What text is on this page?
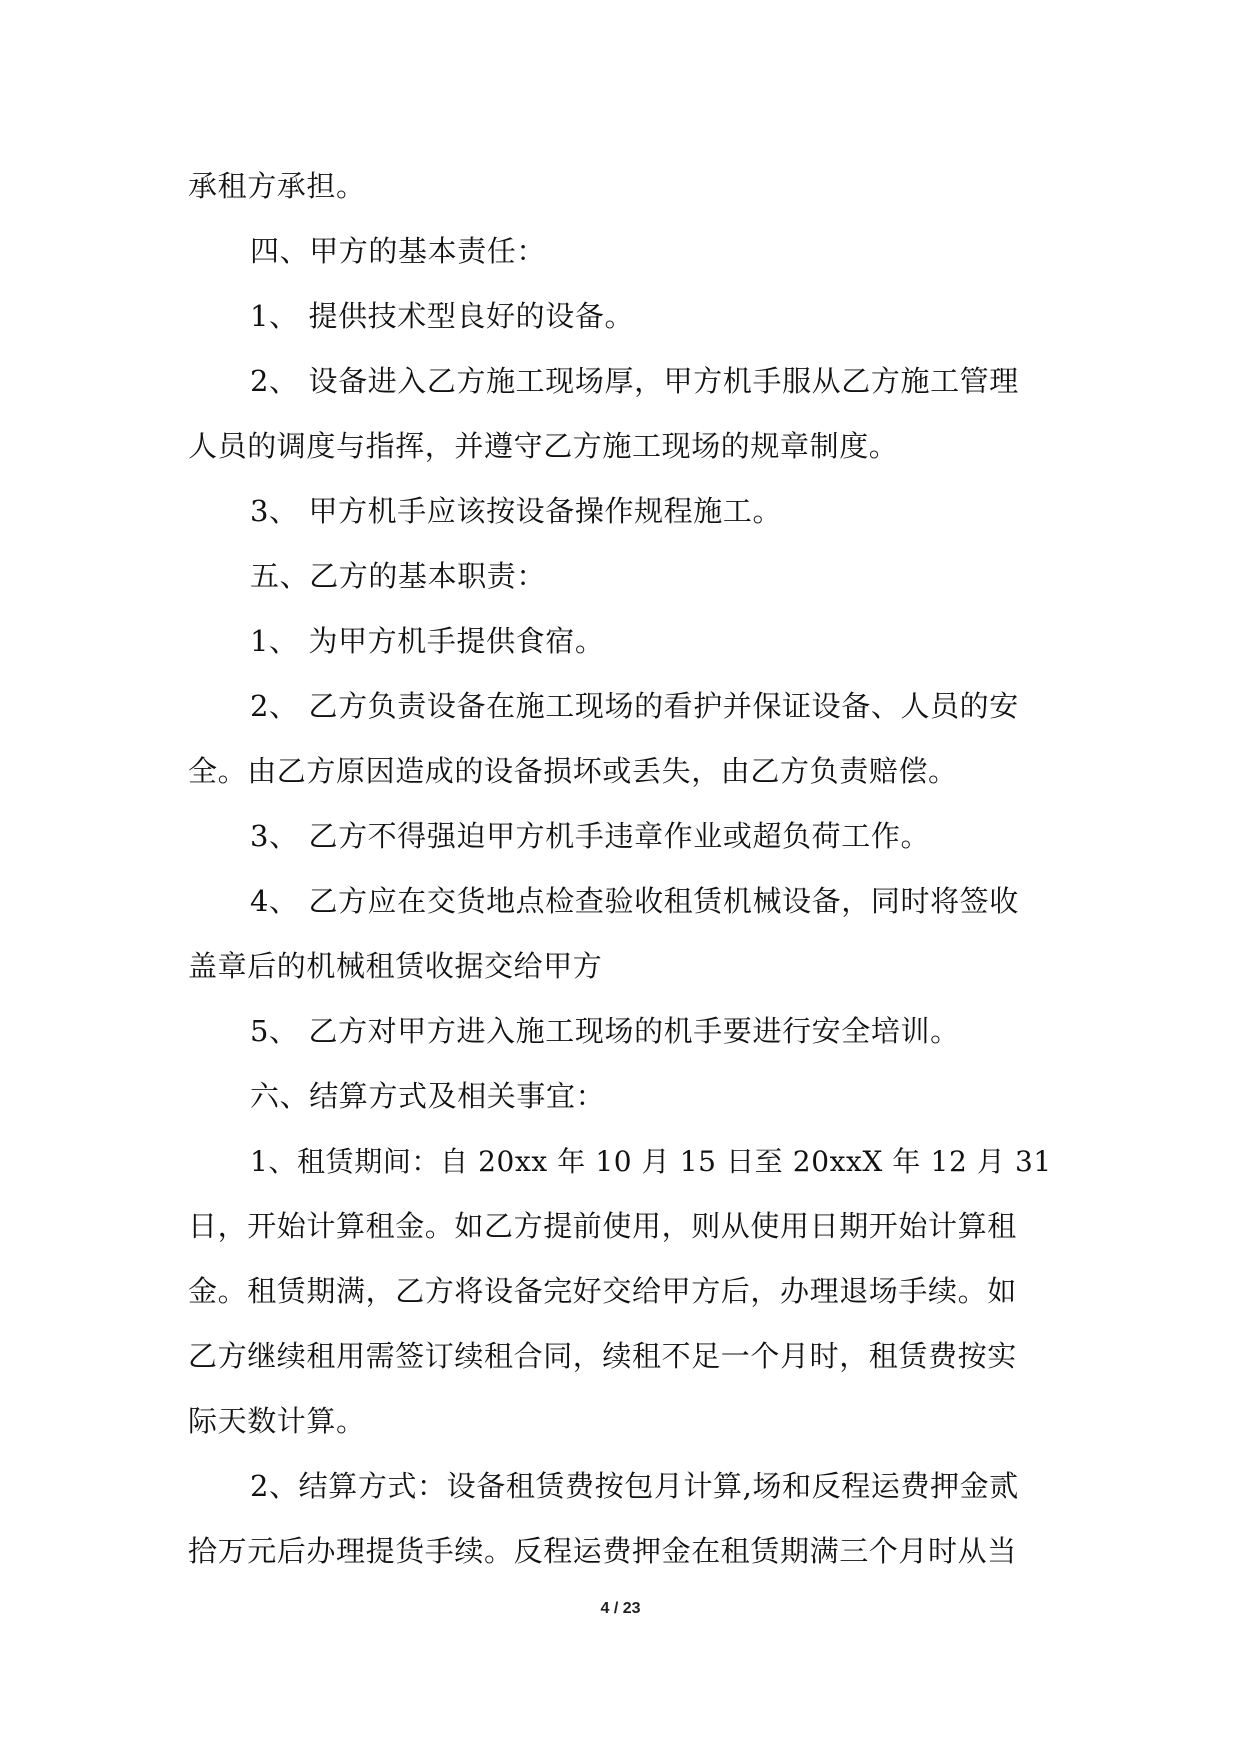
承租方承担。
四、甲方的基本责任：
1、 提供技术型良好的设备。
2、 设备进入乙方施工现场厚，甲方机手服从乙方施工管理
人员的调度与指挥，并遵守乙方施工现场的规章制度。
3、 甲方机手应该按设备操作规程施工。
五、乙方的基本职责：
1、 为甲方机手提供食宿。
2、 乙方负责设备在施工现场的看护并保证设备、人员的安
全。由乙方原因造成的设备损坏或丢失，由乙方负责赔偿。
3、 乙方不得强迫甲方机手违章作业或超负荷工作。
4、 乙方应在交货地点检查验收租赁机械设备，同时将签收
盖章后的机械租赁收据交给甲方
5、 乙方对甲方进入施工现场的机手要进行安全培训。
六、结算方式及相关事宜：
1、租赁期间：自 20xx 年 10 月 15 日至 20xxX 年 12 月 31
日，开始计算租金。如乙方提前使用，则从使用日期开始计算租
金。租赁期满，乙方将设备完好交给甲方后，办理退场手续。如
乙方继续租用需签订续租合同，续租不足一个月时，租赁费按实
际天数计算。
2、结算方式：设备租赁费按包月计算,场和反程运费押金贰
拾万元后办理提货手续。反程运费押金在租赁期满三个月时从当
4 / 23
